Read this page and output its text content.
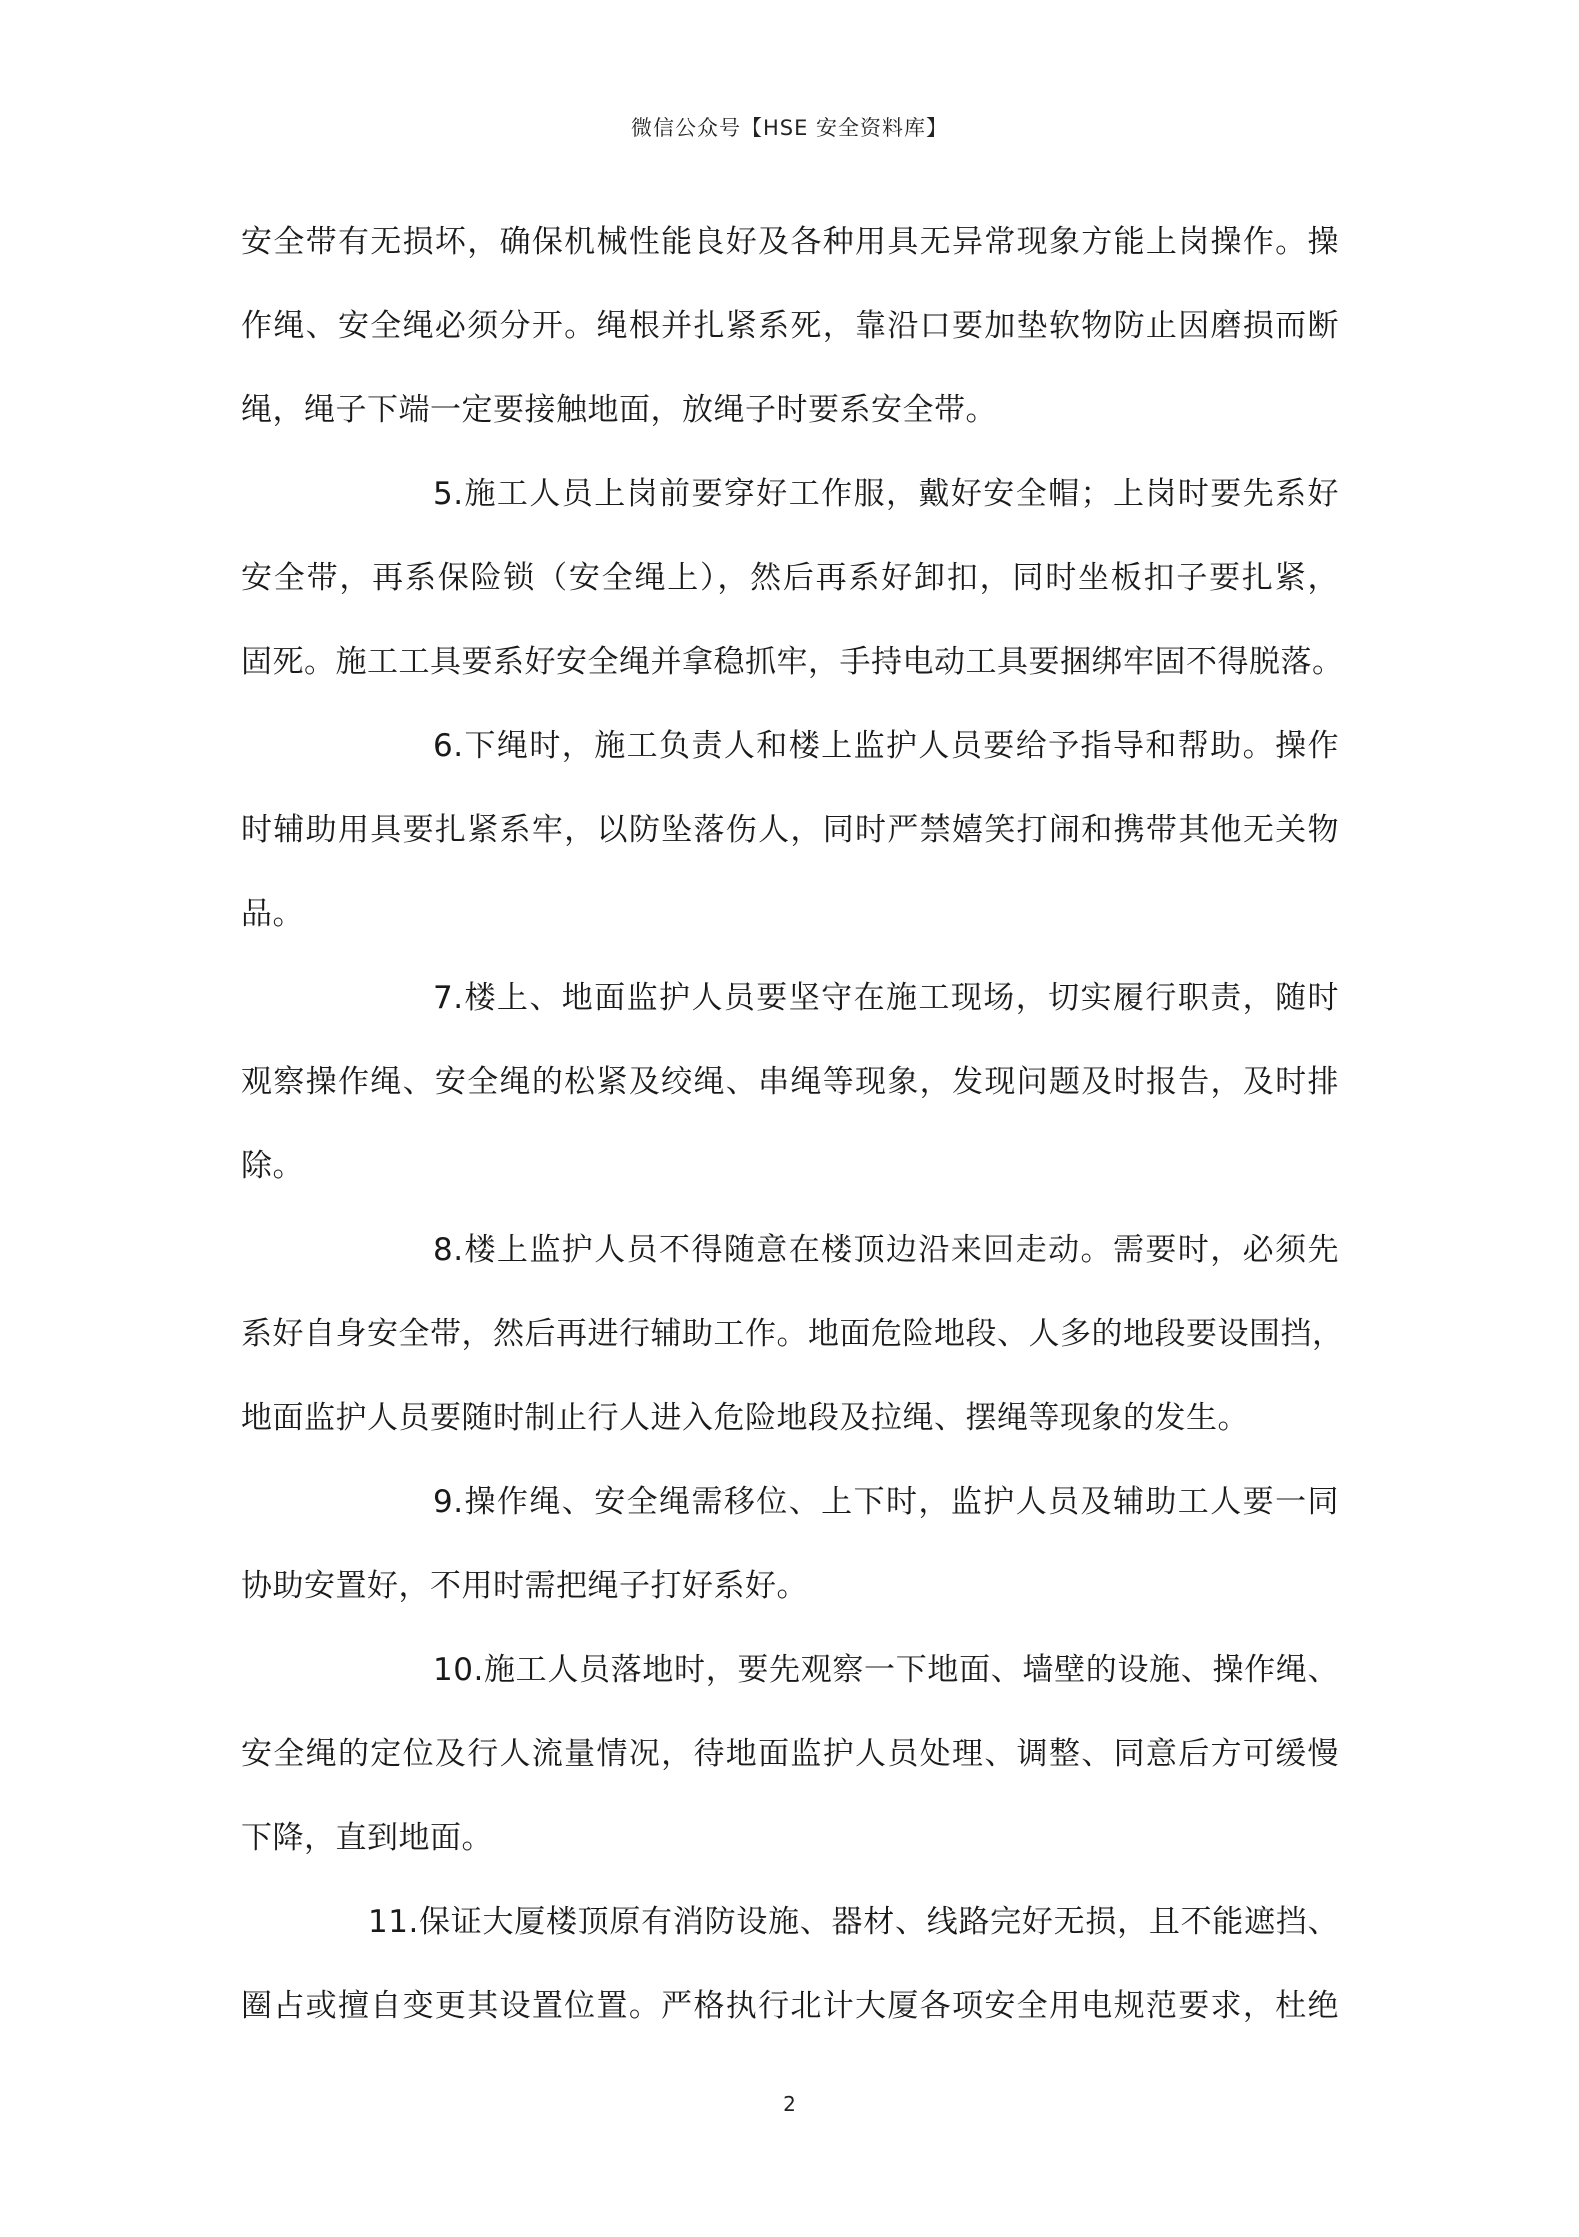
微信公众号【HSE 安全资料库】
安全带有无损坏，确保机械性能良好及各种用具无异常现象方能上岗操作。操
作绳、安全绳必须分开。绳根并扎紧系死，靠沿口要加垫软物防止因磨损而断
绳，绳子下端一定要接触地面，放绳子时要系安全带。
5.施工人员上岗前要穿好工作服，戴好安全帽；上岗时要先系好
安全带，再系保险锁（安全绳上），然后再系好卸扣，同时坐板扣子要扎紧，
固死。施工工具要系好安全绳并拿稳抓牢，手持电动工具要捆绑牢固不得脱落。
6.下绳时，施工负责人和楼上监护人员要给予指导和帮助。操作
时辅助用具要扎紧系牢，以防坠落伤人，同时严禁嬉笑打闹和携带其他无关物
品。
7.楼上、地面监护人员要坚守在施工现场，切实履行职责，随时
观察操作绳、安全绳的松紧及绞绳、串绳等现象，发现问题及时报告，及时排
除。
8.楼上监护人员不得随意在楼顶边沿来回走动。需要时，必须先
系好自身安全带，然后再进行辅助工作。地面危险地段、人多的地段要设围挡，
地面监护人员要随时制止行人进入危险地段及拉绳、摆绳等现象的发生。
9.操作绳、安全绳需移位、上下时，监护人员及辅助工人要一同
协助安置好，不用时需把绳子打好系好。
10.施工人员落地时，要先观察一下地面、墙壁的设施、操作绳、
安全绳的定位及行人流量情况，待地面监护人员处理、调整、同意后方可缓慢
下降，直到地面。
11.保证大厦楼顶原有消防设施、器材、线路完好无损，且不能遮挡、
圈占或擅自变更其设置位置。严格执行北计大厦各项安全用电规范要求，杜绝
2
